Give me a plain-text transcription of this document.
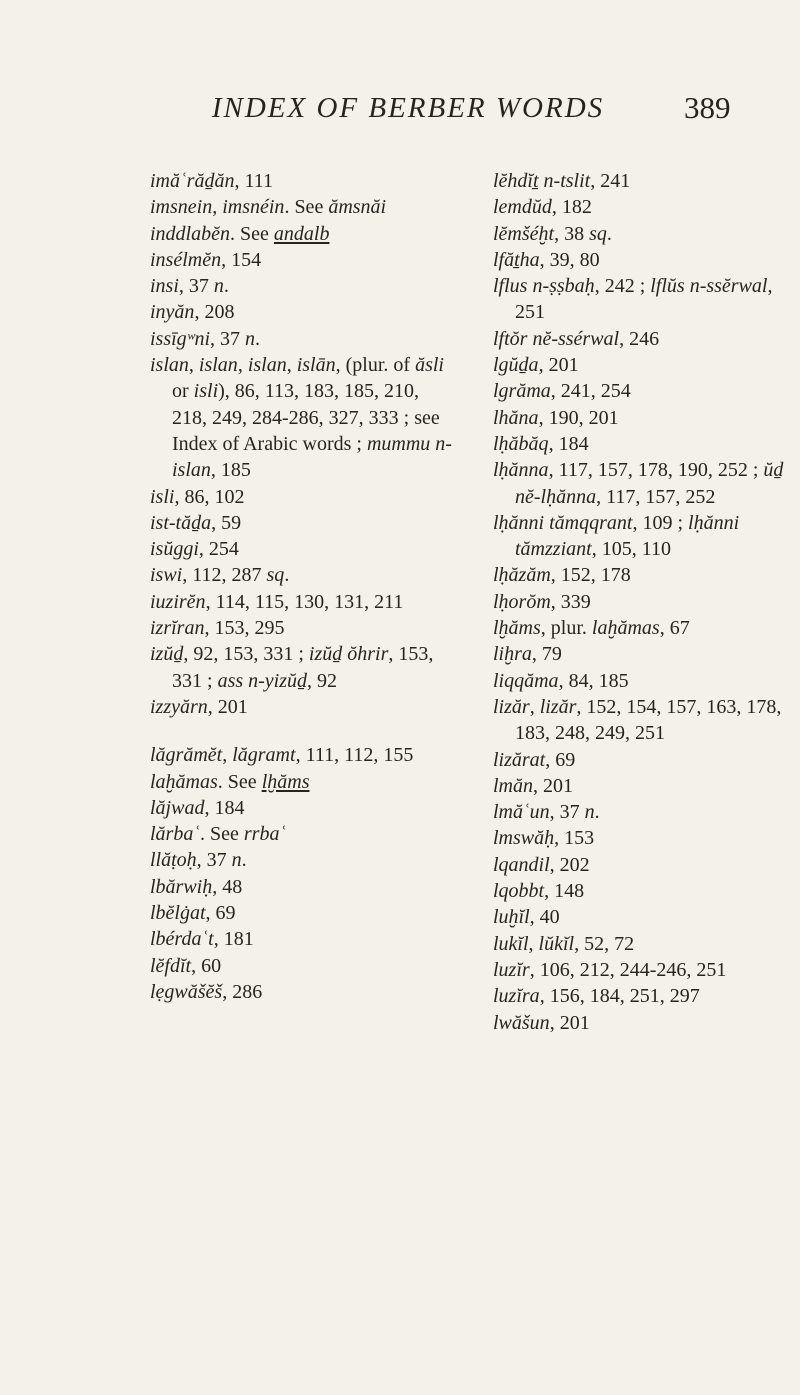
INDEX OF BERBER WORDS	389

imăʿrăḏăn, 111

imsnein, imsnéin. See ămsnăi

inddlabĕn. See andalb

insélmĕn, 154

insi, 37 n.

inyăn, 208

issīgʷni, 37 n.

islan, islan, islan, islān, (plur. of ăsli or isli), 86, 113, 183, 185, 210, 218, 249, 284-286, 327, 333 ; see Index of Arabic words ; mummu n-islan, 185

isli, 86, 102

ist-tăḏa, 59

isŭggi, 254

iswi, 112, 287 sq.

iuzirĕn, 114, 115, 130, 131, 211

izrĭran, 153, 295

izŭḏ, 92, 153, 331 ; izŭḏ ŏhrir, 153, 331 ; ass n-yizŭḏ, 92

izzyărn, 201

lăgrămĕt, lăgramt, 111, 112, 155

laḫămas. See lḫăms

lăjwad, 184

lărbaʿ. See rrbaʿ

llăṭoḥ, 37 n.

lbărwiḥ, 48

lbĕlġat, 69

lbérdaʿt, 181

lĕfdĭt, 60

lẹgwăšĕš, 286

lĕhdĭṯ n-tslit, 241

lemdŭd, 182

lĕmšéḫt, 38 sq.

lfăṯha, 39, 80

lflus n-ṣṣbaḥ, 242 ; lflŭs n-ssĕrwal, 251

lftŏr nĕ-ssérwal, 246

lgŭḏa, 201

lgrăma, 241, 254

lhăna, 190, 201

lḥăbăq, 184

lḥănna, 117, 157, 178, 190, 252 ; ŭḏ nĕ-lḥănna, 117, 157, 252

lḥănni tămqqrant, 109 ; lḥănni tămzziant, 105, 110

lḥăzăm, 152, 178

lḥorŏm, 339

lḫăms, plur. laḫămas, 67

liḫra, 79

liqqăma, 84, 185

lizăr, lizăr, 152, 154, 157, 163, 178, 183, 248, 249, 251

lizărat, 69

lmăn, 201

lmăʿun, 37 n.

lmswăḥ, 153

lqandil, 202

lqobbt, 148

luḫĭl, 40

lukĭl, lŭkĭl, 52, 72

luzĭr, 106, 212, 244-246, 251

luzĭra, 156, 184, 251, 297

lwăšun, 201
